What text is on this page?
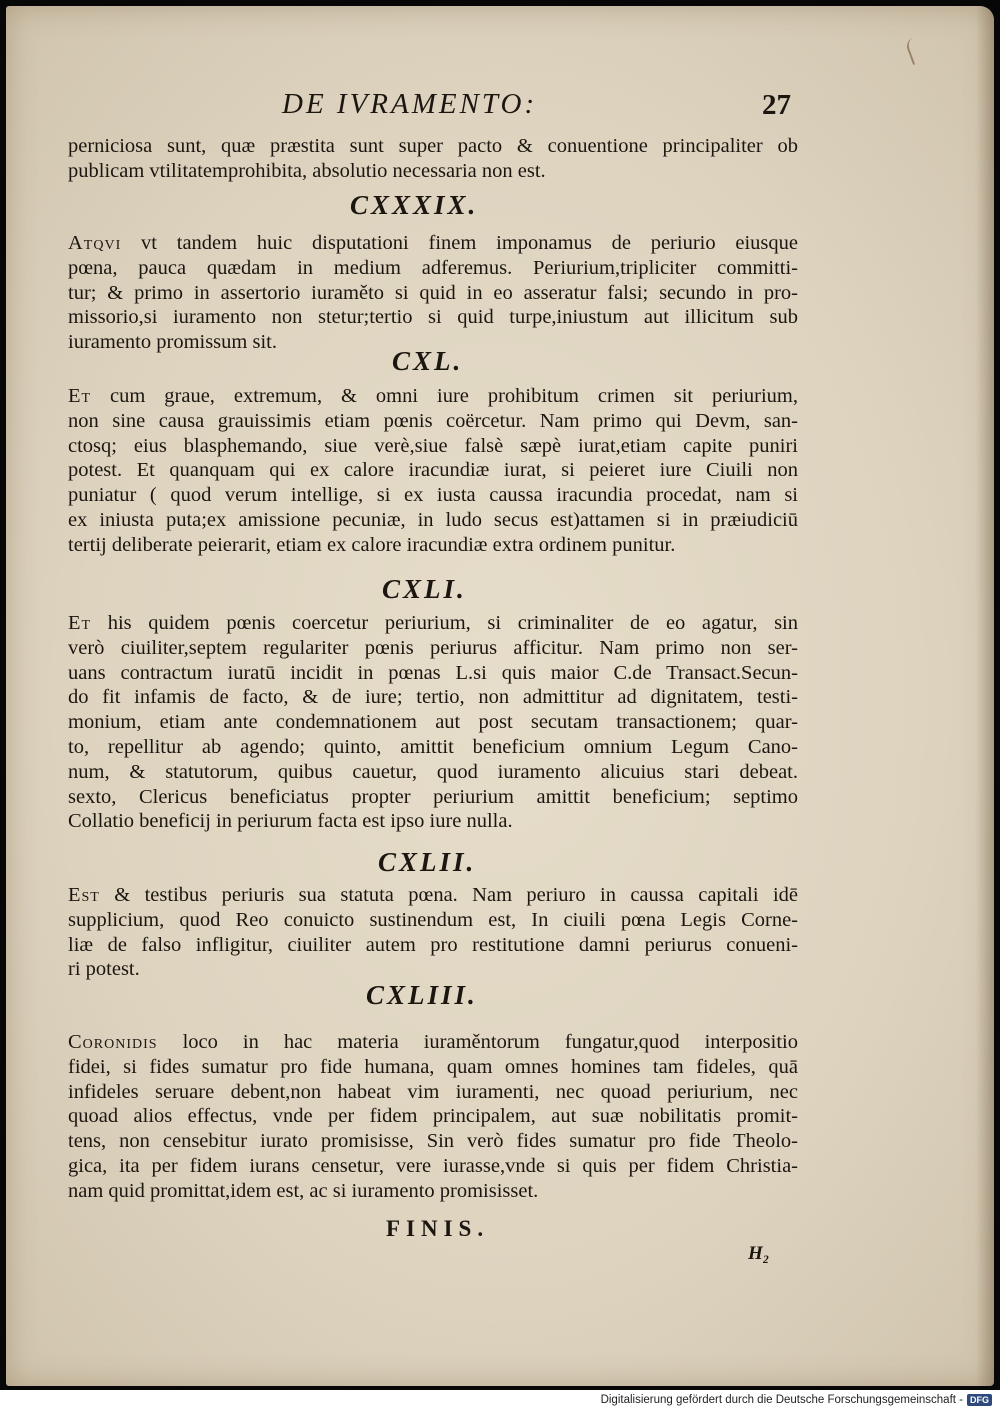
DE IVRAMENTO:	27
perniciosa sunt, quæ præstita sunt super pacto & conuentione principaliter ob
publicam vtilitatemprohibita, absolutio necessaria non est.
CXXXIX.
Atqvi vt tandem huic disputationi finem imponamus de periurio eiusque
pœna, pauca quædam in medium adferemus. Periurium,tripliciter committi-
tur; & primo in assertorio iuraměto si quid in eo asseratur falsi; secundo in pro-
missorio,si iuramento non stetur;tertio si quid turpe,iniustum aut illicitum sub
iuramento promissum sit.
CXL.
Et cum graue, extremum, & omni iure prohibitum crimen sit periurium,
non sine causa grauissimis etiam pœnis coërcetur. Nam primo qui Devm, san-
ctosq; eius blasphemando, siue verè,siue falsè sæpè iurat,etiam capite puniri
potest. Et quanquam qui ex calore iracundiæ iurat, si peieret iure Ciuili non
puniatur ( quod verum intellige, si ex iusta caussa iracundia procedat, nam si
ex iniusta puta;ex amissione pecuniæ, in ludo secus est)attamen si in præiudiciū
tertij deliberate peierarit, etiam ex calore iracundiæ extra ordinem punitur.
CXLI.
Et his quidem pœnis coercetur periurium, si criminaliter de eo agatur, sin
verò ciuiliter,septem regulariter pœnis periurus afficitur. Nam primo non ser-
uans contractum iuratū incidit in pœnas L.si quis maior C.de Transact.Secun-
do fit infamis de facto, & de iure; tertio, non admittitur ad dignitatem, testi-
monium, etiam ante condemnationem aut post secutam transactionem; quar-
to, repellitur ab agendo; quinto, amittit beneficium omnium Legum Cano-
num, & statutorum, quibus cauetur, quod iuramento alicuius stari debeat.
sexto, Clericus beneficiatus propter periurium amittit beneficium; septimo
Collatio beneficij in periurum facta est ipso iure nulla.
CXLII.
Est & testibus periuris sua statuta pœna. Nam periuro in caussa capitali idē
supplicium, quod Reo conuicto sustinendum est, In ciuili pœna Legis Corne-
liæ de falso infligitur, ciuiliter autem pro restitutione damni periurus conueni-
ri potest.
CXLIII.
Coronidis loco in hac materia iuraměntorum fungatur,quod interpositio
fidei, si fides sumatur pro fide humana, quam omnes homines tam fideles, quā
infideles seruare debent,non habeat vim iuramenti, nec quoad periurium, nec
quoad alios effectus, vnde per fidem principalem, aut suæ nobilitatis promit-
tens, non censebitur iurato promisisse, Sin verò fides sumatur pro fide Theolo-
gica, ita per fidem iurans censetur, vere iurasse,vnde si quis per fidem Christia-
nam quid promittat,idem est, ac si iuramento promisisset.
FINIS.
H₂
Digitalisierung gefördert durch die Deutsche Forschungsgemeinschaft - DFG
